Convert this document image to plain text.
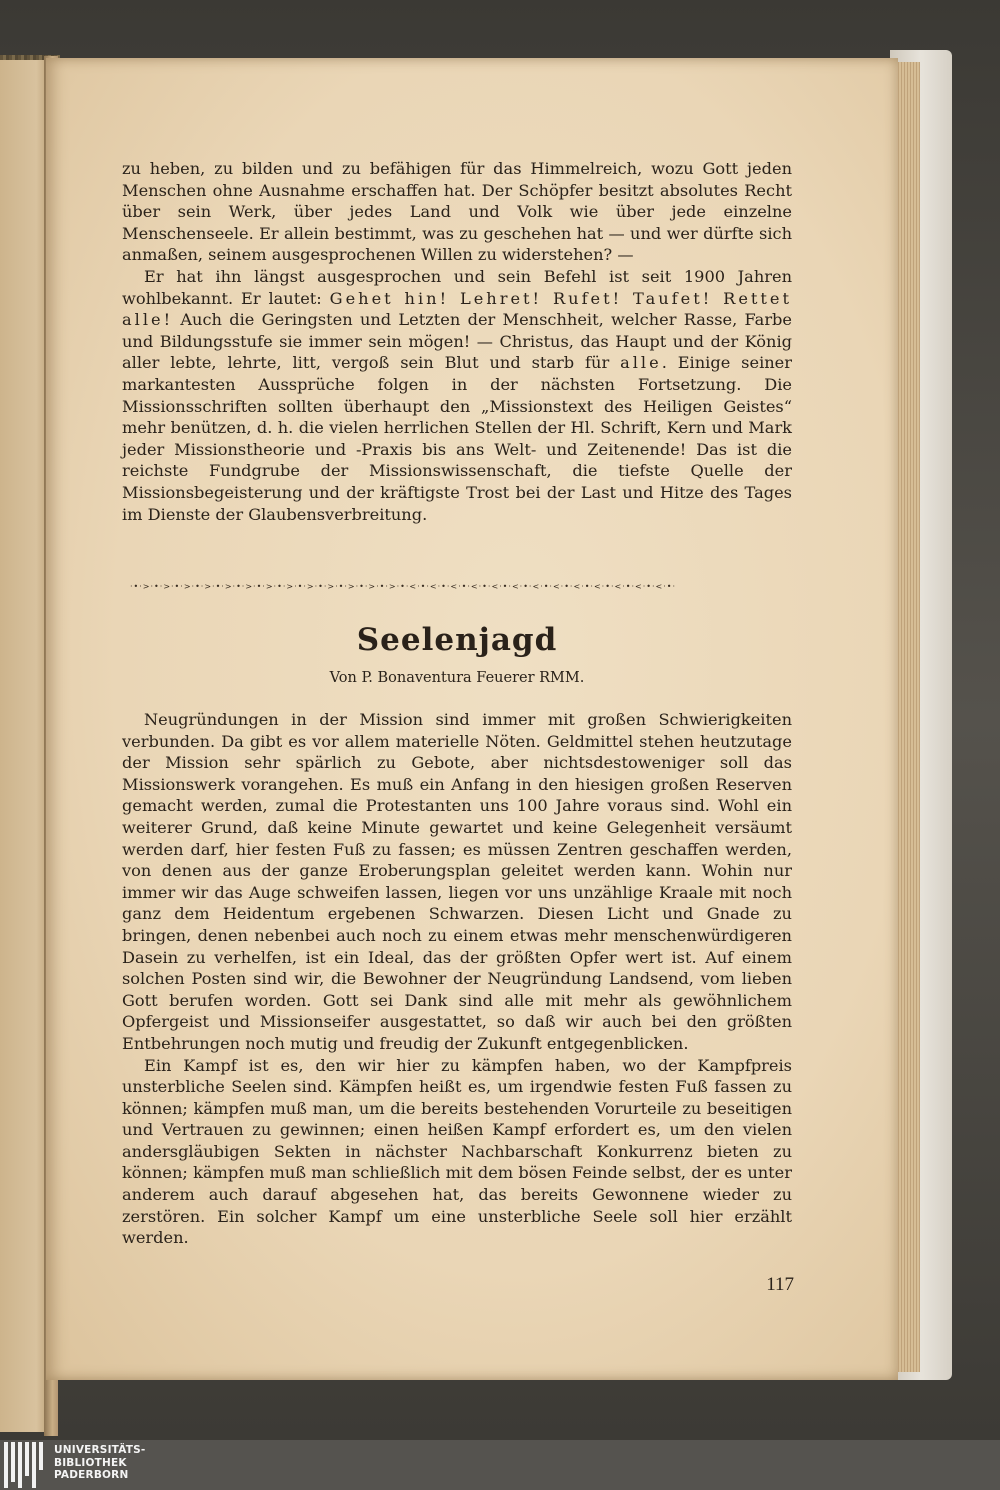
zu heben, zu bilden und zu befähigen für das Himmelreich, wozu Gott jeden Menschen ohne Ausnahme erschaffen hat. Der Schöpfer besitzt absolutes Recht über sein Werk, über jedes Land und Volk wie über jede einzelne Menschenseele. Er allein bestimmt, was zu geschehen hat — und wer dürfte sich anmaßen, seinem ausgesprochenen Willen zu widerstehen? —

Er hat ihn längst ausgesprochen und sein Befehl ist seit 1900 Jahren wohlbekannt. Er lautet: Gehet hin! Lehret! Rufet! Taufet! Rettet alle! Auch die Geringsten und Letzten der Menschheit, welcher Rasse, Farbe und Bildungsstufe sie immer sein mögen! — Christus, das Haupt und der König aller lebte, lehrte, litt, vergoß sein Blut und starb für alle. Einige seiner markantesten Aussprüche folgen in der nächsten Fortsetzung. Die Missionsschriften sollten überhaupt den „Missionstext des Heiligen Geistes“ mehr benützen, d. h. die vielen herrlichen Stellen der Hl. Schrift, Kern und Mark jeder Missionstheorie und -Praxis bis ans Welt- und Zeitenende! Das ist die reichste Fundgrube der Missionswissenschaft, die tiefste Quelle der Missionsbegeisterung und der kräftigste Trost bei der Last und Hitze des Tages im Dienste der Glaubensverbreitung.

·•·>·•·>·•·>·•·>·•·>·•·>·•·>·•·>·•·>·•·>·•·>·•·>·•·>·•·<·•·<·•·<·•·<·•·<·•·<·•·<·•·<·•·<·•·<·•·<·•·<·•·<·•·
Seelenjagd
Von P. Bonaventura Feuerer RMM.

Neugründungen in der Mission sind immer mit großen Schwierigkeiten verbunden. Da gibt es vor allem materielle Nöten. Geldmittel stehen heutzutage der Mission sehr spärlich zu Gebote, aber nichtsdestoweniger soll das Missionswerk vorangehen. Es muß ein Anfang in den hiesigen großen Reserven gemacht werden, zumal die Protestanten uns 100 Jahre voraus sind. Wohl ein weiterer Grund, daß keine Minute gewartet und keine Gelegenheit versäumt werden darf, hier festen Fuß zu fassen; es müssen Zentren geschaffen werden, von denen aus der ganze Eroberungsplan geleitet werden kann. Wohin nur immer wir das Auge schweifen lassen, liegen vor uns unzählige Kraale mit noch ganz dem Heidentum ergebenen Schwarzen. Diesen Licht und Gnade zu bringen, denen nebenbei auch noch zu einem etwas mehr menschenwürdigeren Dasein zu verhelfen, ist ein Ideal, das der größten Opfer wert ist. Auf einem solchen Posten sind wir, die Bewohner der Neugründung Landsend, vom lieben Gott berufen worden. Gott sei Dank sind alle mit mehr als gewöhnlichem Opfergeist und Missionseifer ausgestattet, so daß wir auch bei den größten Entbehrungen noch mutig und freudig der Zukunft entgegenblicken.

Ein Kampf ist es, den wir hier zu kämpfen haben, wo der Kampfpreis unsterbliche Seelen sind. Kämpfen heißt es, um irgendwie festen Fuß fassen zu können; kämpfen muß man, um die bereits bestehenden Vorurteile zu beseitigen und Vertrauen zu gewinnen; einen heißen Kampf erfordert es, um den vielen andersgläubigen Sekten in nächster Nachbarschaft Konkurrenz bieten zu können; kämpfen muß man schließlich mit dem bösen Feinde selbst, der es unter anderem auch darauf abgesehen hat, das bereits Gewonnene wieder zu zerstören. Ein solcher Kampf um eine unsterbliche Seele soll hier erzählt werden.

117
UNIVERSITÄTS-
BIBLIOTHEK
PADERBORN
